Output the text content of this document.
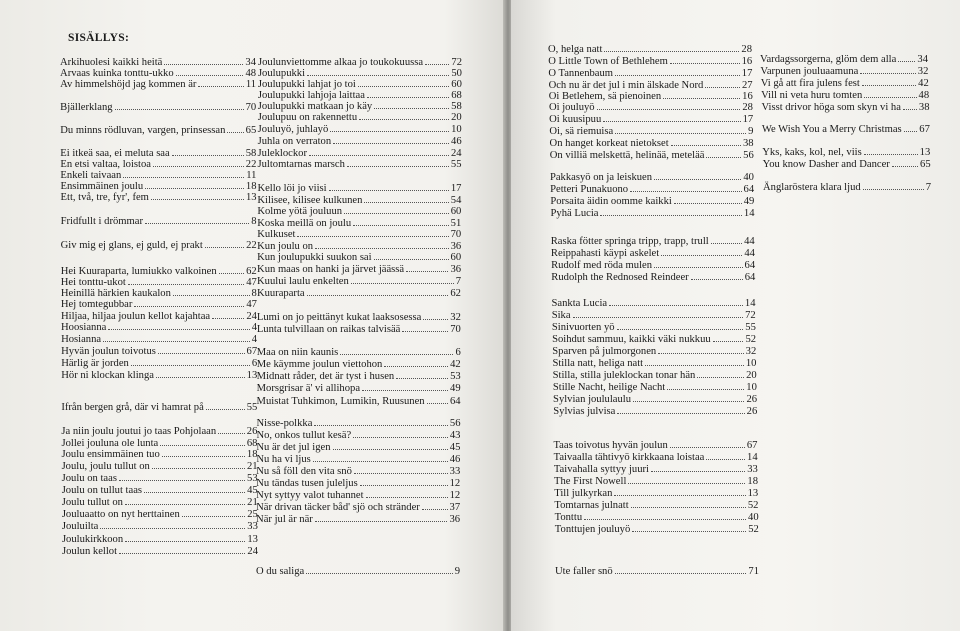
SISÄLLYS:
Arkihuolesi kaikki heitä	34
Arvaas kuinka tonttu-ukko	48
Av himmelshöjd jag kommen är	11
Bjällerklang	70
Du minns rödluvan, vargen, prinsessan 65
Ei itkeä saa, ei meluta saa	58
En etsi valtaa, loistoa	22
Enkeli taivaan	11
Ensimmäinen joulu	18
Ett, två, tre, fyr', fem	13
Fridfullt i drömmar	8
Giv mig ej glans, ej guld, ej prakt	22
Hei Kuuraparta, lumiukko valkoinen	62
Hei tonttu-ukot	47
Heinillä härkien kaukalon	8
Hej tomtegubbar	47
Hiljaa, hiljaa joulun kellot kajahtaa	24
Hoosianna	4
Hosianna	4
Hyvän joulun toivotus	67
Härlig är jorden	6
Hör ni klockan klinga	13
Ifrån bergen grå, där vi hamrat på	55
Ja niin joulu joutui jo taas Pohjolaan	26
Jollei jouluna ole lunta	68
Joulu ensimmäinen tuo	18
Joulu, joulu tullut on	21
Joulu on taas	53
Joulu on tullut taas	45
Joulu tullut on	21
Jouluaatto on nyt herttainen	25
Jouluilta	33
Joulukirkkoon	13
Joulun kellot	24
Joulunviettomme alkaa jo toukokuussa	72
Joulupukki	50
Joulupukki lahjat jo toi	60
Joulupukki lahjoja laittaa	68
Joulupukki matkaan jo käy	58
Joulupuu on rakennettu	20
Jouluyö, juhlayö	10
Juhla on verraton	46
Juleklockor	24
Jultomtarnas marsch	55
Kello löi jo viisi	17
Kilisee, kilisee kulkunen	54
Kolme yötä jouluun	60
Koska meillä on joulu	51
Kulkuset	70
Kun joulu on	36
Kun joulupukki suukon sai	60
Kun maas on hanki ja järvet jäässä	36
Kuului laulu enkelten	7
Kuuraparta	62
Lumi on jo peittänyt kukat laaksosessa	32
Lunta tulvillaan on raikas talvisää	70
Maa on niin kaunis	6
Me käymme joulun viettohon	42
Midnatt råder, det är tyst i husen	53
Morsgrisar ä' vi allihopa	49
Muistat Tuhkimon, Lumikin, Ruusunen 64
Nisse-polkka	56
No, onkos tullut kesä?	43
Nu är det jul igen	45
Nu ha vi ljus	46
Nu så föll den vita snö	33
Nu tändas tusen juleljus	12
Nyt syttyy valot tuhannet	12
När drivan täcker båd' sjö och stränder	37
När jul är när	36
O du saliga	9
O, helga natt	28
O Little Town of Bethlehem	16
O Tannenbaum	17
Och nu är det jul i min älskade Nord	27
Oi Betlehem, sä pienoinen	16
Oi jouluyö	28
Oi kuusipuu	17
Oi, sä riemuisa	9
On hanget korkeat nietokset	38
On villiä melskettä, helinää, metelää	56
Pakkasyö on ja leiskuen	40
Petteri Punakuono	64
Porsaita äidin oomme kaikki	49
Pyhä Lucia	14
Raska fötter springa tripp, trapp, trull	44
Reippahasti käypi askelet	44
Rudolf med röda mulen	64
Rudolph the Rednosed Reindeer	64
Sankta Lucia	14
Sika	72
Sinivuorten yö	55
Soihdut sammuu, kaikki väki nukkuu	52
Sparven på julmorgonen	32
Stilla natt, heliga natt	10
Stilla, stilla juleklockan tonar hän	20
Stille Nacht, heilige Nacht	10
Sylvian joululaulu	26
Sylvias julvisa	26
Taas toivotus hyvän joulun	67
Taivaalla tähtivyö kirkkaana loistaa	14
Taivahalla syttyy juuri	33
The First Nowell	18
Till julkyrkan	13
Tomtarnas julnatt	52
Tonttu	40
Tonttujen jouluyö	52
Ute faller snö	71
Vardagssorgerna, glöm dem alla 34
Varpunen jouluaamuna	32
Vi gå att fira julens fest	42
Vill ni veta huru tomten	48
Visst drivor höga som skyn vi ha 38
We Wish You a Merry Christmas 67
Yks, kaks, kol, nel, viis	13
You know Dasher and Dancer	65
Änglaröstera klara ljud	7
